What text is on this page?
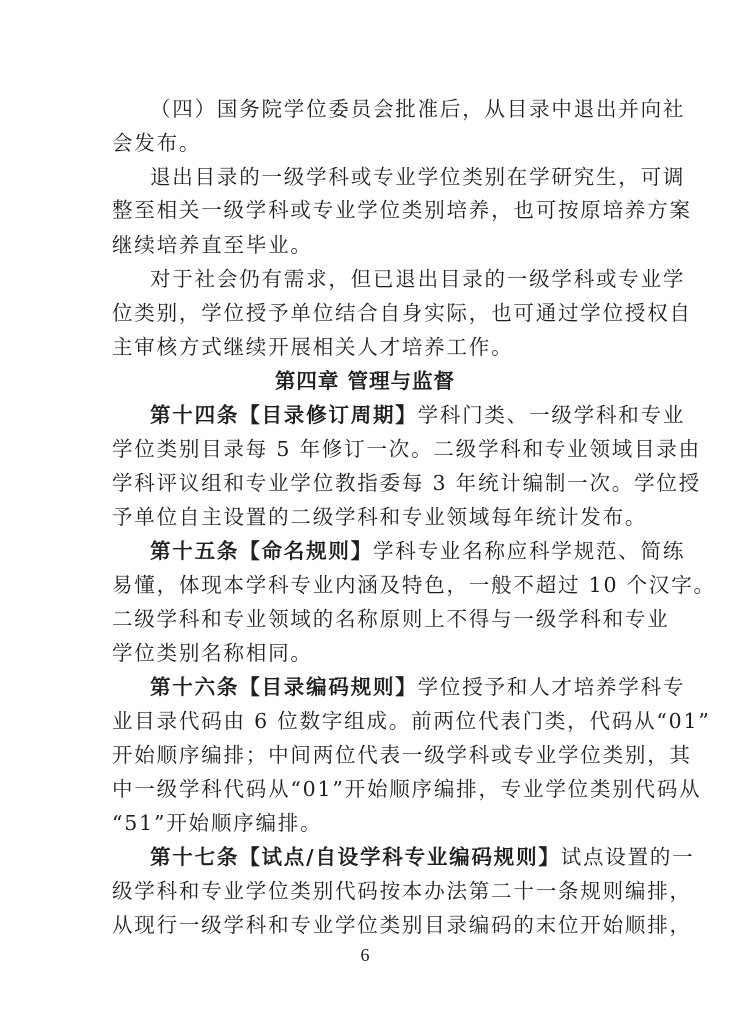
（四）国务院学位委员会批准后，从目录中退出并向社
会发布。
退出目录的一级学科或专业学位类别在学研究生，可调
整至相关一级学科或专业学位类别培养，也可按原培养方案
继续培养直至毕业。
对于社会仍有需求，但已退出目录的一级学科或专业学
位类别，学位授予单位结合自身实际，也可通过学位授权自
主审核方式继续开展相关人才培养工作。
第四章 管理与监督
第十四条【目录修订周期】学科门类、一级学科和专业
学位类别目录每 5 年修订一次。二级学科和专业领域目录由
学科评议组和专业学位教指委每 3 年统计编制一次。学位授
予单位自主设置的二级学科和专业领域每年统计发布。
第十五条【命名规则】学科专业名称应科学规范、简练
易懂，体现本学科专业内涵及特色，一般不超过 10 个汉字。
二级学科和专业领域的名称原则上不得与一级学科和专业
学位类别名称相同。
第十六条【目录编码规则】学位授予和人才培养学科专
业目录代码由 6 位数字组成。前两位代表门类，代码从“01”
开始顺序编排；中间两位代表一级学科或专业学位类别，其
中一级学科代码从“01”开始顺序编排，专业学位类别代码从
“51”开始顺序编排。
第十七条【试点/自设学科专业编码规则】试点设置的一
级学科和专业学位类别代码按本办法第二十一条规则编排，
从现行一级学科和专业学位类别目录编码的末位开始顺排，
6
